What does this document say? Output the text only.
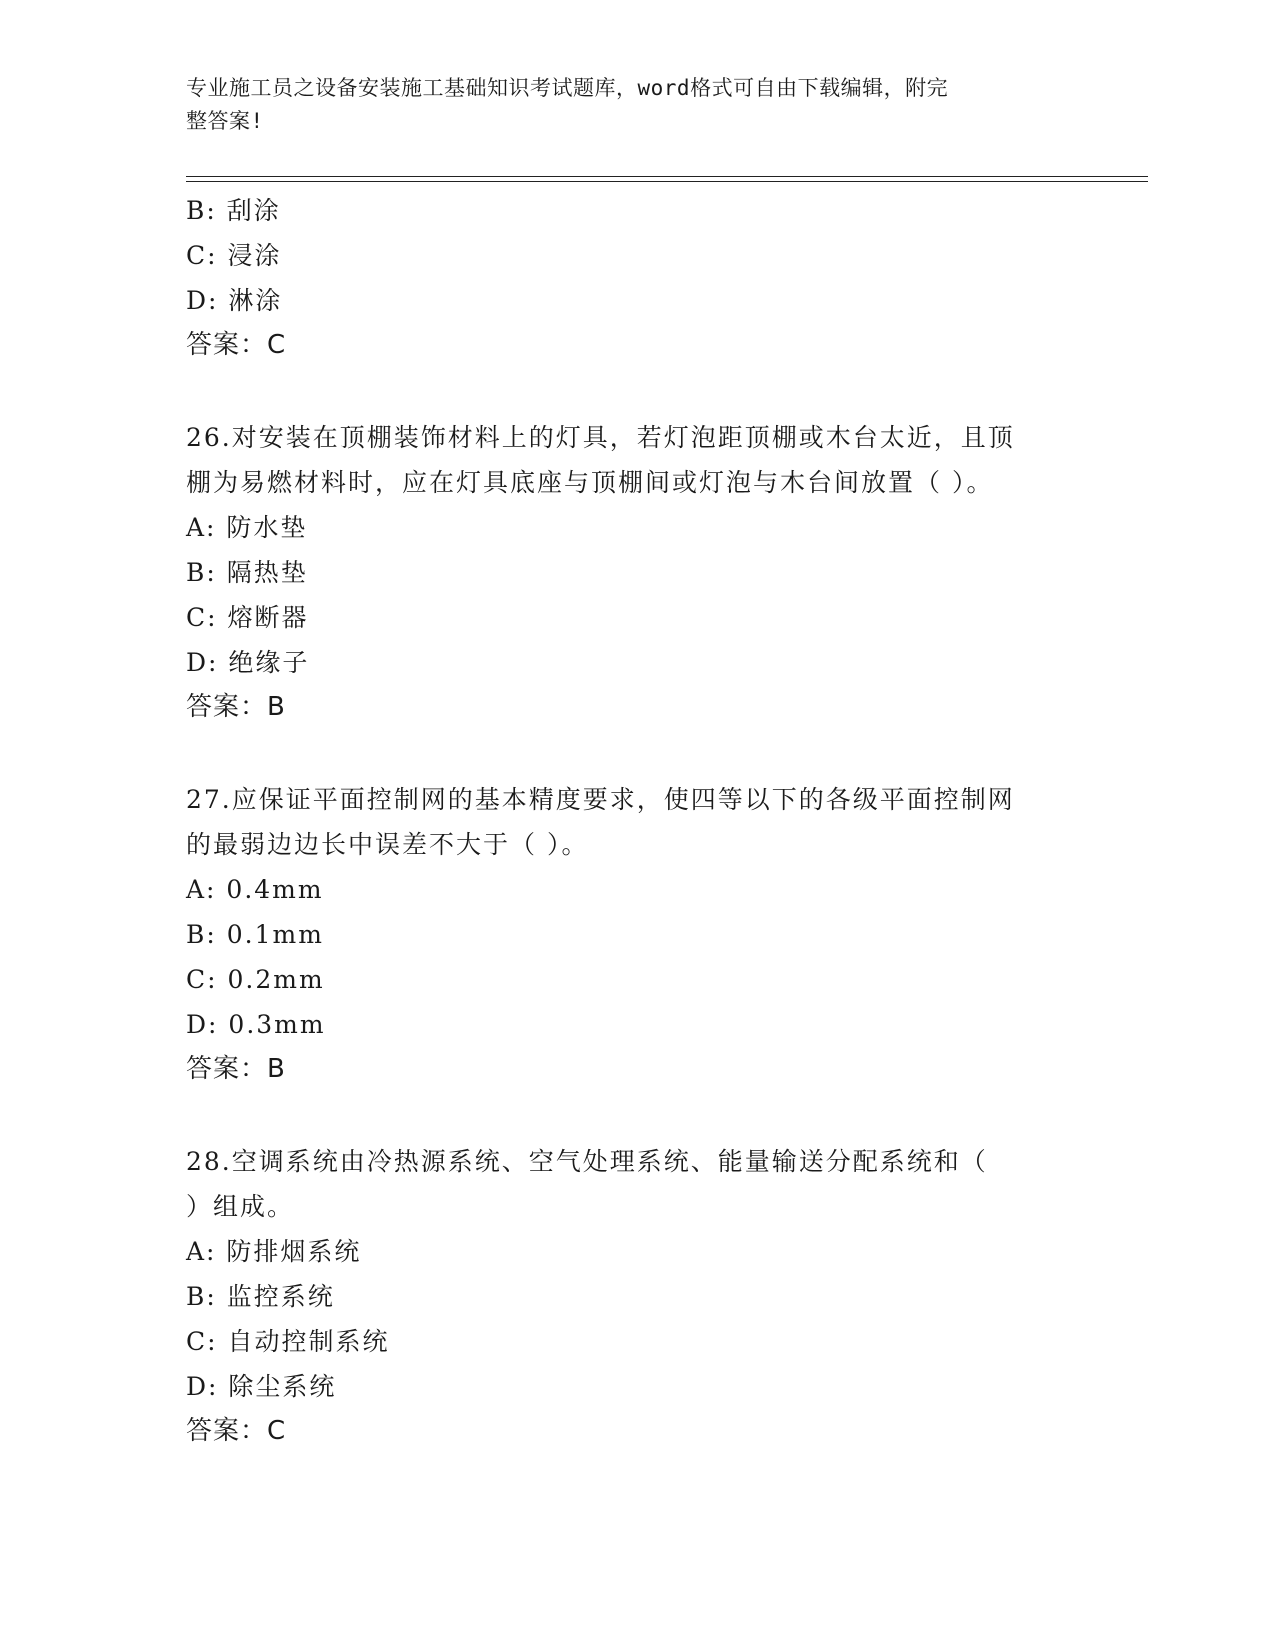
专业施工员之设备安装施工基础知识考试题库，word格式可自由下载编辑，附完
整答案!
B: 刮涂
C: 浸涂
D: 淋涂
答案：C
26.对安装在顶棚装饰材料上的灯具，若灯泡距顶棚或木台太近，且顶
棚为易燃材料时，应在灯具底座与顶棚间或灯泡与木台间放置（ ）。
A: 防水垫
B: 隔热垫
C: 熔断器
D: 绝缘子
答案：B
27.应保证平面控制网的基本精度要求，使四等以下的各级平面控制网
的最弱边边长中误差不大于（ ）。
A: 0.4mm
B: 0.1mm
C: 0.2mm
D: 0.3mm
答案：B
28.空调系统由冷热源系统、空气处理系统、能量输送分配系统和（
）组成。
A: 防排烟系统
B: 监控系统
C: 自动控制系统
D: 除尘系统
答案：C
